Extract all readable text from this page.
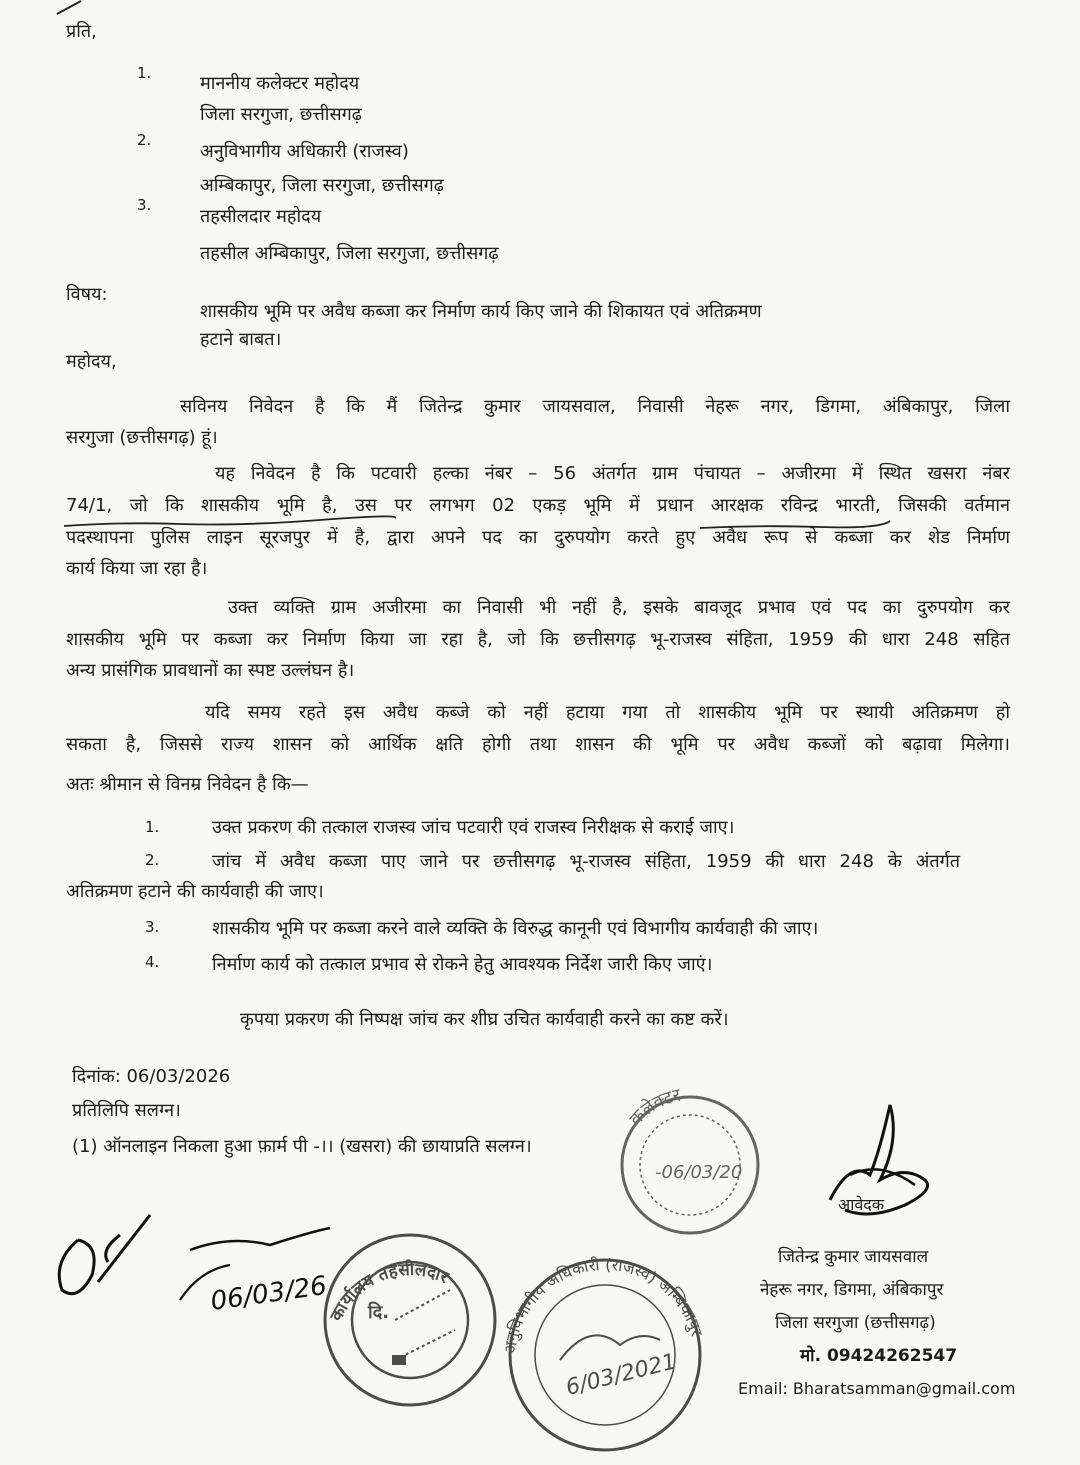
प्रति,
1.	माननीय कलेक्टर महोदय
जिला सरगुजा, छत्तीसगढ़
2.
अनुविभागीय अधिकारी (राजस्व)
अम्बिकापुर, जिला सरगुजा, छत्तीसगढ़
3.
तहसीलदार महोदय
तहसील अम्बिकापुर, जिला सरगुजा, छत्तीसगढ़
विषय:
शासकीय भूमि पर अवैध कब्जा कर निर्माण कार्य किए जाने की शिकायत एवं अतिक्रमण
हटाने बाबत।
महोदय,
सविनय निवेदन है कि मैं जितेन्द्र कुमार जायसवाल, निवासी नेहरू नगर, डिगमा, अंबिकापुर, जिला
सरगुजा (छत्तीसगढ़) हूं।
यह निवेदन है कि पटवारी हल्का नंबर – 56 अंतर्गत ग्राम पंचायत – अजीरमा में स्थित खसरा नंबर
74/1, जो कि शासकीय भूमि है, उस पर लगभग 02 एकड़ भूमि में प्रधान आरक्षक रविन्द्र भारती, जिसकी वर्तमान
पदस्थापना पुलिस लाइन सूरजपुर में है, द्वारा अपने पद का दुरुपयोग करते हुए अवैध रूप से कब्जा कर शेड निर्माण
कार्य किया जा रहा है।
उक्त व्यक्ति ग्राम अजीरमा का निवासी भी नहीं है, इसके बावजूद प्रभाव एवं पद का दुरुपयोग कर
शासकीय भूमि पर कब्जा कर निर्माण किया जा रहा है, जो कि छत्तीसगढ़ भू-राजस्व संहिता, 1959 की धारा 248 सहित
अन्य प्रासंगिक प्रावधानों का स्पष्ट उल्लंघन है।
यदि समय रहते इस अवैध कब्जे को नहीं हटाया गया तो शासकीय भूमि पर स्थायी अतिक्रमण हो
सकता है, जिससे राज्य शासन को आर्थिक क्षति होगी तथा शासन की भूमि पर अवैध कब्जों को बढ़ावा मिलेगा।
अतः श्रीमान से विनम्र निवेदन है कि—
1.	उक्त प्रकरण की तत्काल राजस्व जांच पटवारी एवं राजस्व निरीक्षक से कराई जाए।
2.	जांच में अवैध कब्जा पाए जाने पर छत्तीसगढ़ भू-राजस्व संहिता, 1959 की धारा 248 के अंतर्गत
अतिक्रमण हटाने की कार्यवाही की जाए।
3.	शासकीय भूमि पर कब्जा करने वाले व्यक्ति के विरुद्ध कानूनी एवं विभागीय कार्यवाही की जाए।
4.	निर्माण कार्य को तत्काल प्रभाव से रोकने हेतु आवश्यक निर्देश जारी किए जाएं।
कृपया प्रकरण की निष्पक्ष जांच कर शीघ्र उचित कार्यवाही करने का कष्ट करें।
दिनांक: 06/03/2026
प्रतिलिपि सलग्न।
(1) ऑनलाइन निकला हुआ फ़ार्म पी -।। (खसरा) की छायाप्रति सलग्न।
कलेक्टर
-06/03/20
कार्यालय तहसीलदार
दि.
अनुविभागीय अधिकारी (राजस्व) अम्बिकापुर
6/03/2021
06/03/26
आवेदक
जितेन्द्र कुमार जायसवाल
नेहरू नगर, डिगमा, अंबिकापुर
जिला सरगुजा (छत्तीसगढ़)
मो. 09424262547
Email: Bharatsamman@gmail.com
